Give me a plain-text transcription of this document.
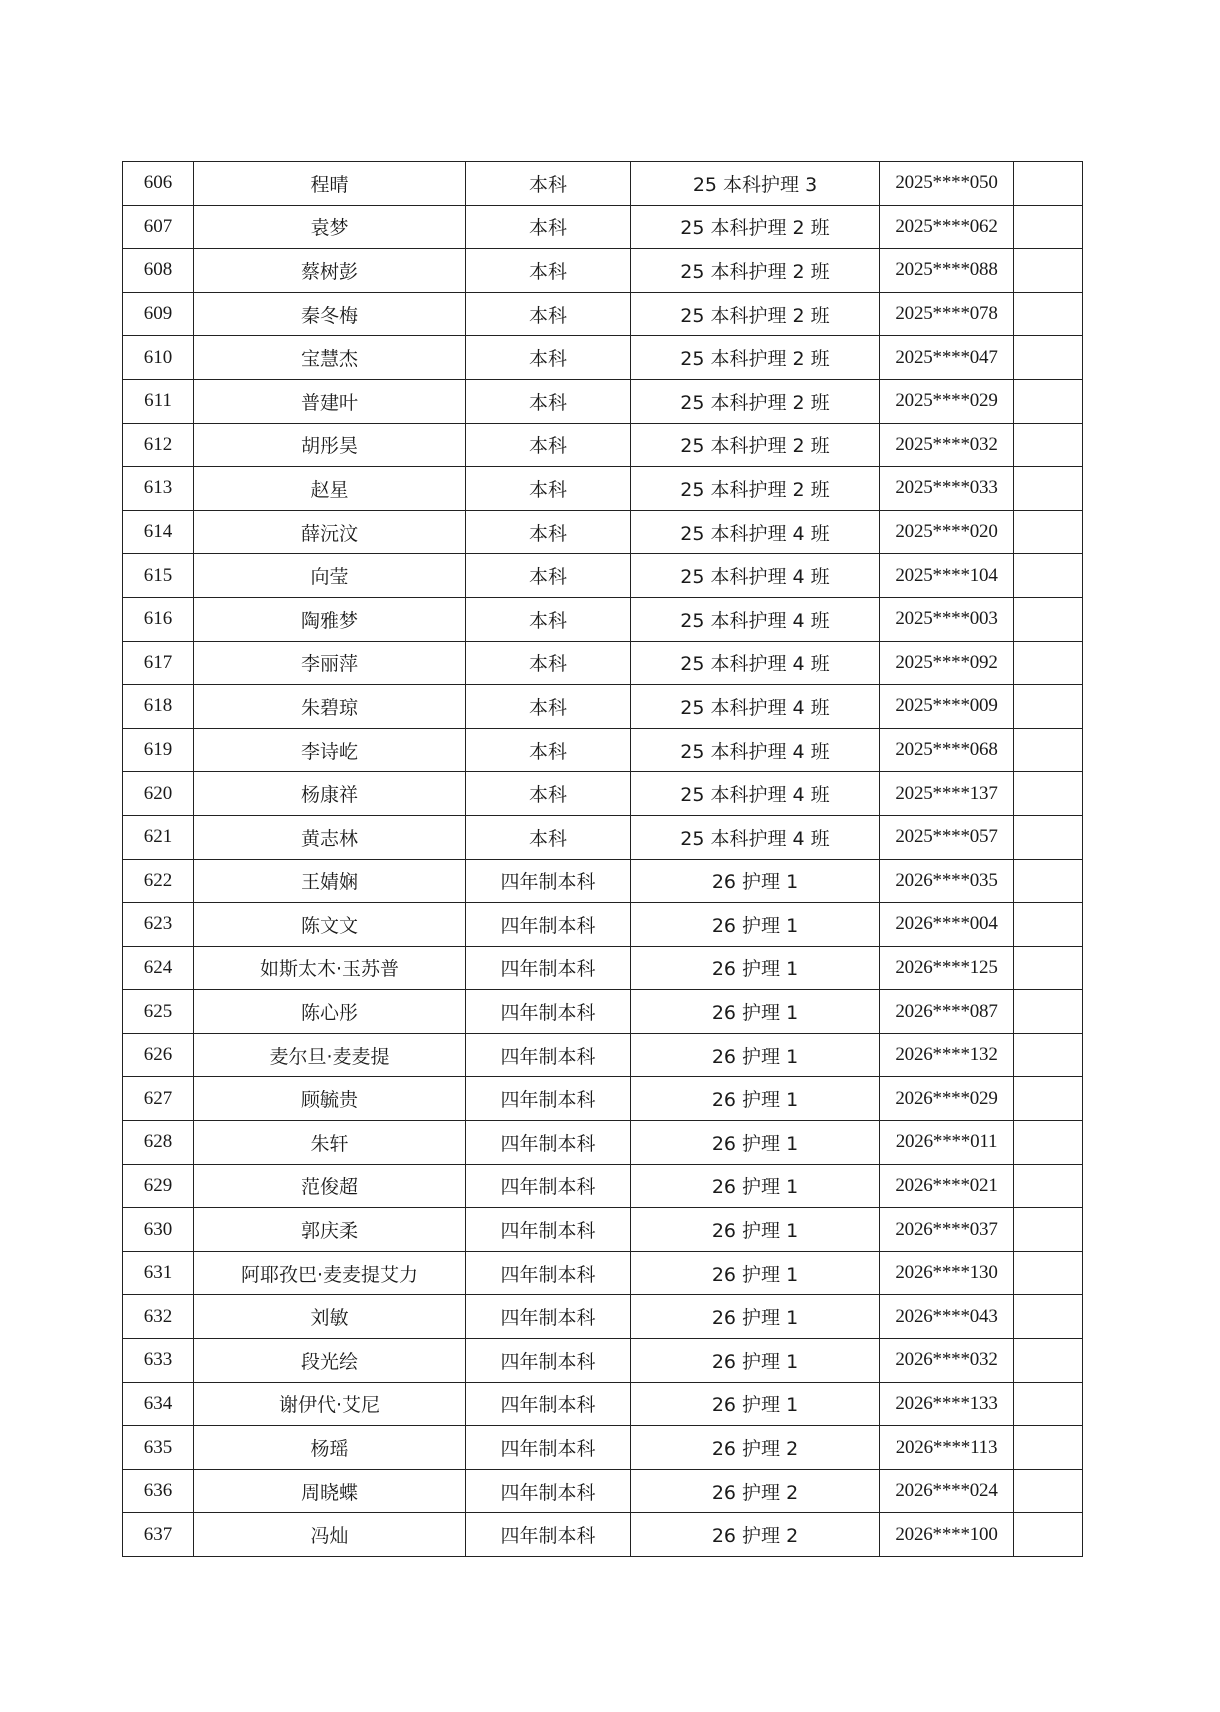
606	程晴	本科	25 本科护理 3	2025****050	
607	袁梦	本科	25 本科护理 2 班	2025****062	
608	蔡树彭	本科	25 本科护理 2 班	2025****088	
609	秦冬梅	本科	25 本科护理 2 班	2025****078	
610	宝慧杰	本科	25 本科护理 2 班	2025****047	
611	普建叶	本科	25 本科护理 2 班	2025****029	
612	胡彤昊	本科	25 本科护理 2 班	2025****032	
613	赵星	本科	25 本科护理 2 班	2025****033	
614	薛沅汶	本科	25 本科护理 4 班	2025****020	
615	向莹	本科	25 本科护理 4 班	2025****104	
616	陶雅梦	本科	25 本科护理 4 班	2025****003	
617	李丽萍	本科	25 本科护理 4 班	2025****092	
618	朱碧琼	本科	25 本科护理 4 班	2025****009	
619	李诗屹	本科	25 本科护理 4 班	2025****068	
620	杨康祥	本科	25 本科护理 4 班	2025****137	
621	黄志林	本科	25 本科护理 4 班	2025****057	
622	王婧娴	四年制本科	26 护理 1	2026****035	
623	陈文文	四年制本科	26 护理 1	2026****004	
624	如斯太木·玉苏普	四年制本科	26 护理 1	2026****125	
625	陈心彤	四年制本科	26 护理 1	2026****087	
626	麦尔旦·麦麦提	四年制本科	26 护理 1	2026****132	
627	顾毓贵	四年制本科	26 护理 1	2026****029	
628	朱轩	四年制本科	26 护理 1	2026****011	
629	范俊超	四年制本科	26 护理 1	2026****021	
630	郭庆柔	四年制本科	26 护理 1	2026****037	
631	阿耶孜巴·麦麦提艾力	四年制本科	26 护理 1	2026****130	
632	刘敏	四年制本科	26 护理 1	2026****043	
633	段光绘	四年制本科	26 护理 1	2026****032	
634	谢伊代·艾尼	四年制本科	26 护理 1	2026****133	
635	杨瑶	四年制本科	26 护理 2	2026****113	
636	周晓蝶	四年制本科	26 护理 2	2026****024	
637	冯灿	四年制本科	26 护理 2	2026****100	
